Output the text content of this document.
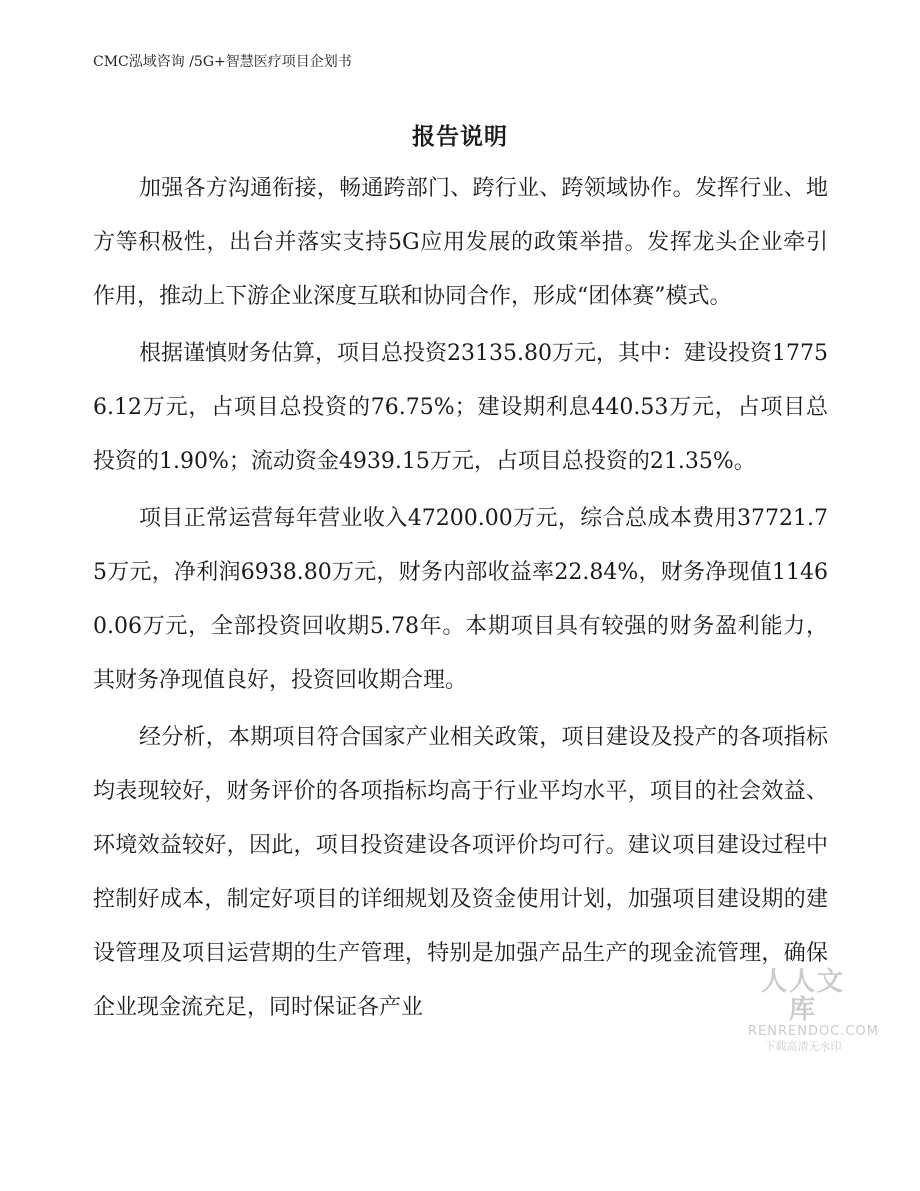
CMC泓域咨询 /5G+智慧医疗项目企划书
报告说明

加强各方沟通衔接，畅通跨部门、跨行业、跨领域协作。发挥行业、地方等积极性，出台并落实支持5G应用发展的政策举措。发挥龙头企业牵引作用，推动上下游企业深度互联和协同合作，形成“团体赛”模式。

根据谨慎财务估算，项目总投资23135.80万元，其中：建设投资17756.12万元，占项目总投资的76.75%；建设期利息440.53万元，占项目总投资的1.90%；流动资金4939.15万元，占项目总投资的21.35%。

项目正常运营每年营业收入47200.00万元，综合总成本费用37721.75万元，净利润6938.80万元，财务内部收益率22.84%，财务净现值11460.06万元，全部投资回收期5.78年。本期项目具有较强的财务盈利能力，其财务净现值良好，投资回收期合理。

经分析，本期项目符合国家产业相关政策，项目建设及投产的各项指标均表现较好，财务评价的各项指标均高于行业平均水平，项目的社会效益、环境效益较好，因此，项目投资建设各项评价均可行。建议项目建设过程中控制好成本，制定好项目的详细规划及资金使用计划，加强项目建设期的建设管理及项目运营期的生产管理，特别是加强产品生产的现金流管理，确保企业现金流充足，同时保证各产业

人人文库
RENRENDOC.COM
下载高清无水印
